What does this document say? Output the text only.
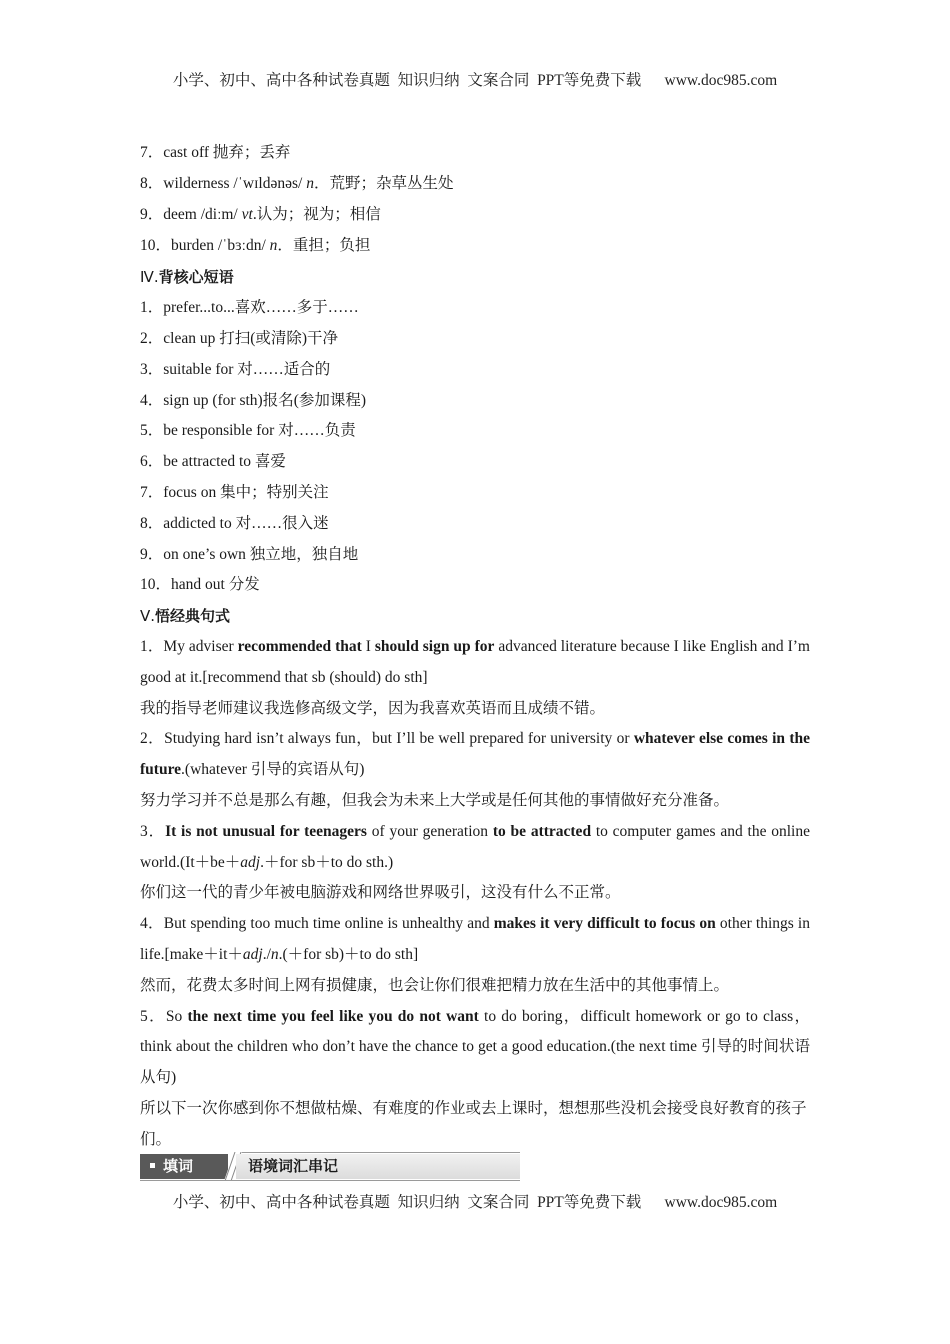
小学、初中、高中各种试卷真题  知识归纳  文案合同  PPT等免费下载      www.doc985.com
7．cast off 抛弃；丢弃
8．wilderness /ˈwɪldənəs/ n．荒野；杂草丛生处
9．deem /diːm/ vt.认为；视为；相信
10．burden /ˈbɜːdn/ n．重担；负担
Ⅳ.背核心短语
1．prefer...to...喜欢……多于……
2．clean up 打扫(或清除)干净
3．suitable for 对……适合的
4．sign up (for sth)报名(参加课程)
5．be responsible for 对……负责
6．be attracted to 喜爱
7．focus on 集中；特别关注
8．addicted to 对……很入迷
9．on one’s own 独立地，独自地
10．hand out 分发
Ⅴ.悟经典句式
1．My adviser recommended that I should sign up for advanced literature because I like English and I’m good at it.[recommend that sb (should) do sth]
我的指导老师建议我选修高级文学，因为我喜欢英语而且成绩不错。
2．Studying hard isn’t always fun，but I’ll be well prepared for university or whatever else comes in the future.(whatever 引导的宾语从句)
努力学习并不总是那么有趣，但我会为未来上大学或是任何其他的事情做好充分准备。
3．It is not unusual for teenagers of your generation to be attracted to computer games and the online world.(It＋be＋adj.＋for sb＋to do sth.)
你们这一代的青少年被电脑游戏和网络世界吸引，这没有什么不正常。
4．But spending too much time online is unhealthy and makes it very difficult to focus on other things in life.[make＋it＋adj./n.(＋for sb)＋to do sth]
然而，花费太多时间上网有损健康，也会让你们很难把精力放在生活中的其他事情上。
5．So the next time you feel like you do not want to do boring，difficult homework or go to class，think about the children who don’t have the chance to get a good education.(the next time 引导的时间状语从句)
所以下一次你感到你不想做枯燥、有难度的作业或去上课时，想想那些没机会接受良好教育的孩子们。
填词	语境词汇串记
小学、初中、高中各种试卷真题  知识归纳  文案合同  PPT等免费下载      www.doc985.com
